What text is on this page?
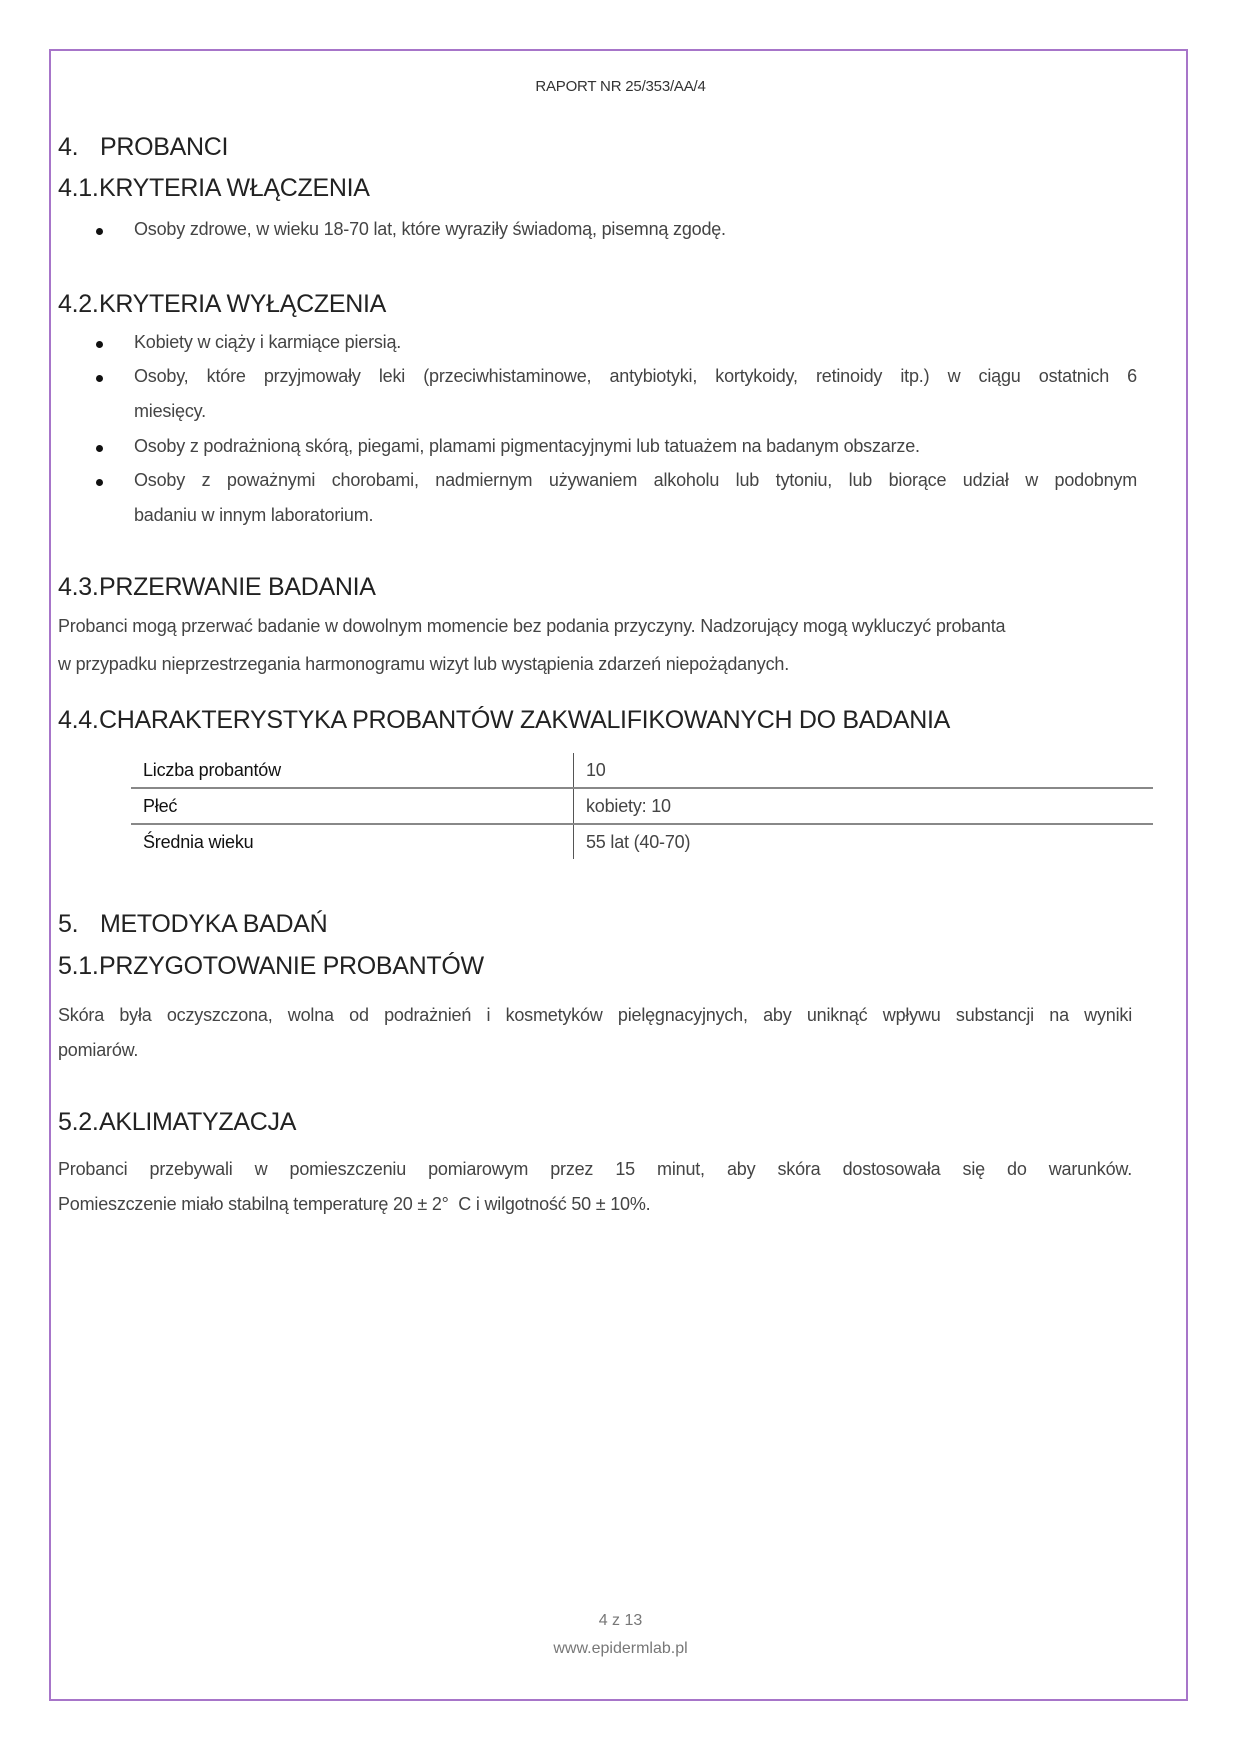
RAPORT NR 25/353/AA/4
4. PROBANCI
4.1.KRYTERIA WŁĄCZENIA
Osoby zdrowe, w wieku 18-70 lat, które wyraziły świadomą, pisemną zgodę.
4.2.KRYTERIA WYŁĄCZENIA
Kobiety w ciąży i karmiące piersią.
Osoby, które przyjmowały leki (przeciwhistaminowe, antybiotyki, kortykoidy, retinoidy itp.) w ciągu ostatnich 6
miesięcy.
Osoby z podrażnioną skórą, piegami, plamami pigmentacyjnymi lub tatuażem na badanym obszarze.
Osoby z poważnymi chorobami, nadmiernym używaniem alkoholu lub tytoniu, lub biorące udział w podobnym
badaniu w innym laboratorium.
4.3.PRZERWANIE BADANIA
Probanci mogą przerwać badanie w dowolnym momencie bez podania przyczyny. Nadzorujący mogą wykluczyć probanta
w przypadku nieprzestrzegania harmonogramu wizyt lub wystąpienia zdarzeń niepożądanych.
4.4.CHARAKTERYSTYKA PROBANTÓW ZAKWALIFIKOWANYCH DO BADANIA
Liczba probantów	10
Płeć	kobiety: 10
Średnia wieku	55 lat (40-70)
5. METODYKA BADAŃ
5.1.PRZYGOTOWANIE PROBANTÓW
Skóra była oczyszczona, wolna od podrażnień i kosmetyków pielęgnacyjnych, aby uniknąć wpływu substancji na wyniki
pomiarów.
5.2.AKLIMATYZACJA
Probanci przebywali w pomieszczeniu pomiarowym przez 15 minut, aby skóra dostosowała się do warunków.
Pomieszczenie miało stabilną temperaturę 20 ± 2°  C i wilgotność 50 ± 10%.
4 z 13
www.epidermlab.pl
